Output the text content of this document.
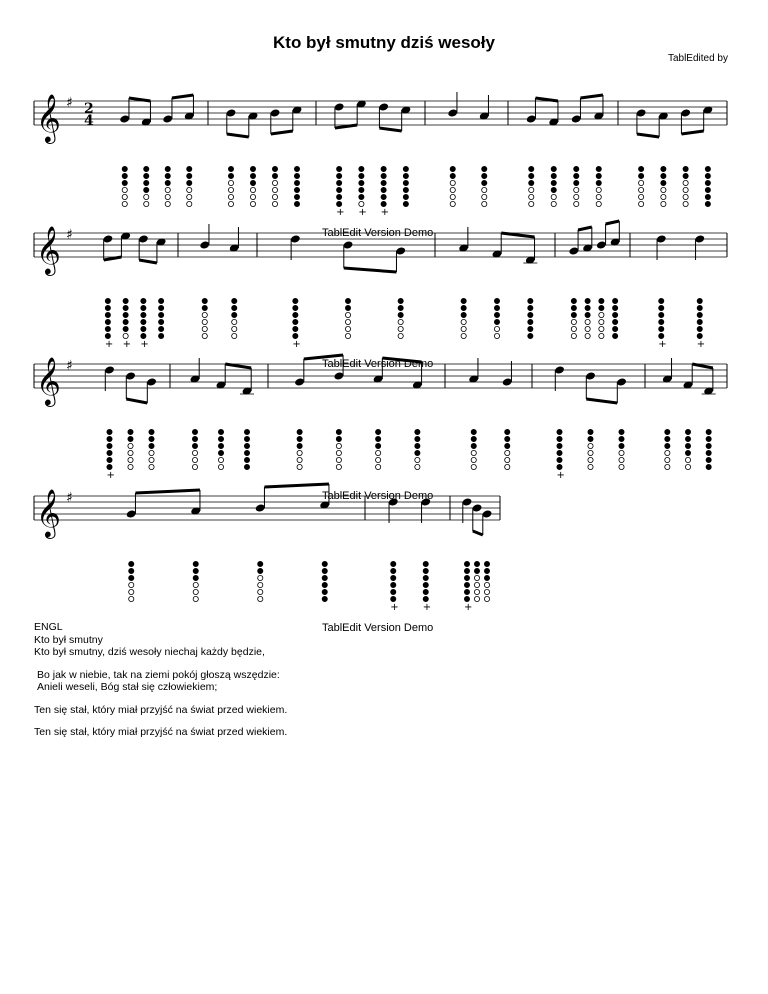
Kto był smutny dziś wesoły
TablEdited by
𝄞 ♯ 2
4
+ + +
𝄞 ♯
+ + +	+	+	+
𝄞 ♯
+	+
𝄞 ♯
+ +	+
TablEdit Version Demo
TablEdit Version Demo
TablEdit Version Demo
TablEdit Version Demo
ENGL
Kto był smutny
Kto był smutny, dziś wesoły niechaj każdy będzie,
Bo jak w niebie, tak na ziemi pokój głoszą wszędzie:
Anieli weseli, Bóg stał się człowiekiem;
Ten się stał, który miał przyjść na świat przed wiekiem.
Ten się stał, który miał przyjść na świat przed wiekiem.
